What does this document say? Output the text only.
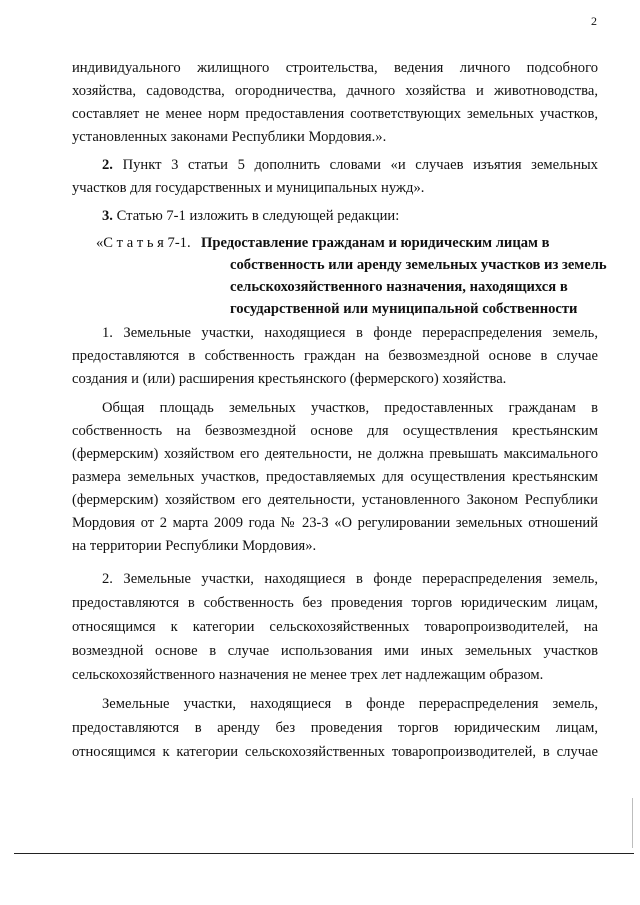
2
индивидуального жилищного строительства, ведения личного подсобного
хозяйства, садоводства, огородничества, дачного хозяйства и животноводства,
составляет не менее норм предоставления соответствующих земельных участков,
установленных законами Республики Мордовия.».
2. Пункт 3 статьи 5 дополнить словами «и случаев изъятия земельных
участков для государственных и муниципальных нужд».
3. Статью 7-1 изложить в следующей редакции:
«С т а т ь я 7-1. Предоставление гражданам и юридическим лицам в
собственность или аренду земельных участков из земель
сельскохозяйственного назначения, находящихся в
государственной или муниципальной собственности
1. Земельные участки, находящиеся в фонде перераспределения земель,
предоставляются в собственность граждан на безвозмездной основе в случае
создания и (или) расширения крестьянского (фермерского) хозяйства.
Общая площадь земельных участков, предоставленных гражданам в
собственность на безвозмездной основе для осуществления крестьянским
(фермерским) хозяйством его деятельности, не должна превышать максимального
размера земельных участков, предоставляемых для осуществления крестьянским
(фермерским) хозяйством его деятельности, установленного Законом Республики
Мордовия от 2 марта 2009 года № 23-З «О регулировании земельных отношений
на территории Республики Мордовия».
2. Земельные участки, находящиеся в фонде перераспределения земель,
предоставляются в собственность без проведения торгов юридическим лицам,
относящимся к категории сельскохозяйственных товаропроизводителей, на
возмездной основе в случае использования ими иных земельных участков
сельскохозяйственного назначения не менее трех лет надлежащим образом.
Земельные участки, находящиеся в фонде перераспределения земель,
предоставляются в аренду без проведения торгов юридическим лицам,
относящимся к категории сельскохозяйственных товаропроизводителей, в случае
